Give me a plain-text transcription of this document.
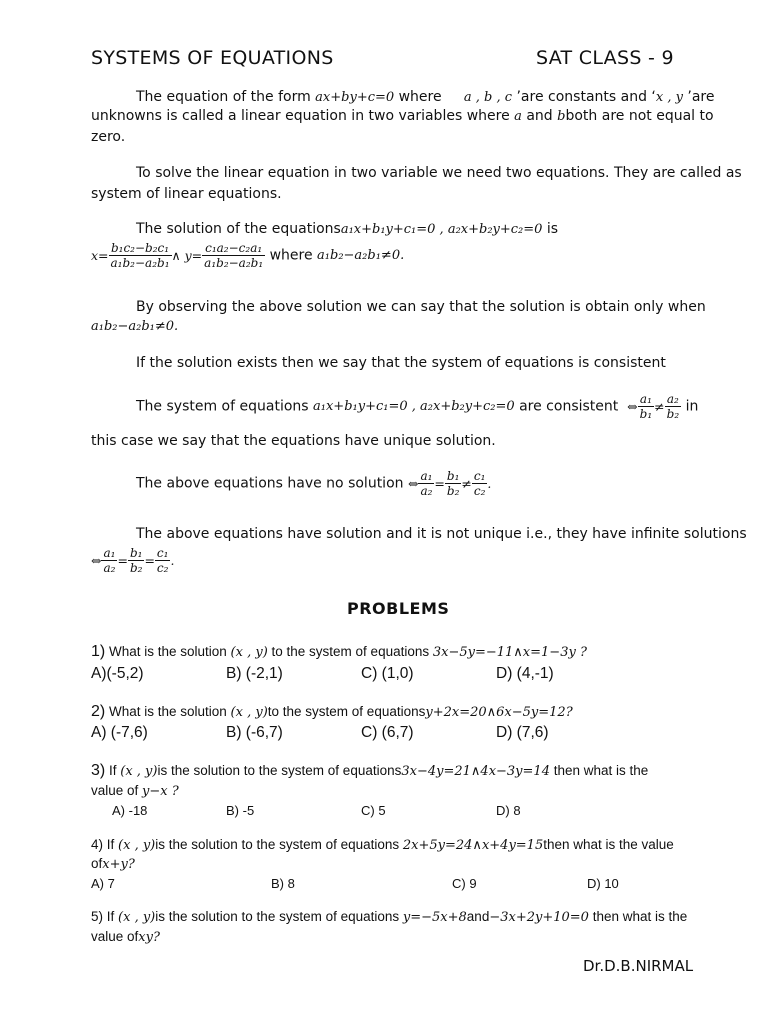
SYSTEMS OF EQUATIONS	SAT CLASS - 9
The equation of the form ax+by+c=0 where     a , b , c ’are constants and ‘x , y ’are
unknowns is called a linear equation in two variables where a and bboth are not equal to
zero.
To solve the linear equation in two variable we need two equations. They are called as
system of linear equations.
The solution of the equationsa₁x+b₁y+c₁=0 , a₂x+b₂y+c₂=0 is
$x= \frac{\text{b₁c₂−b₂c₁}}{\text{a₁b₂−a₂b₁}}$ ∧ $y= \frac{\text{c₁a₂−c₂a₁}}{\text{a₁b₂−a₂b₁}}$ where a₁b₂−a₂b₁≠0.
By observing the above solution we can say that the solution is obtain only when
a₁b₂−a₂b₁≠0.
If the solution exists then we say that the system of equations is consistent
The system of equations a₁x+b₁y+c₁=0 , a₂x+b₂y+c₂=0 are consistent  ⇔ $\frac{\text{a₁}}{\text{b₁}} \ne \frac{\text{a₂}}{\text{b₂}}$ in
this case we say that the equations have unique solution.
The above equations have no solution ⇔ $\frac{\text{a₁}}{\text{a₂}} = \frac{\text{b₁}}{\text{b₂}} \ne \frac{\text{c₁}}{\text{c₂}}$ .
The above equations have solution and it is not unique i.e., they have infinite solutions
⇔ $\frac{\text{a₁}}{\text{a₂}} = \frac{\text{b₁}}{\text{b₂}} = \frac{\text{c₁}}{\text{c₂}}$ .
PROBLEMS
1) What is the solution (x , y) to the system of equations 3x−5y=−11∧x=1−3y ?
A)(-5,2)	B) (-2,1)	C) (1,0)	D) (4,-1)
2) What is the solution (x , y)to the system of equationsy+2x=20∧6x−5y=12?
A) (-7,6)	B) (-6,7)	C) (6,7)	D) (7,6)
3) If (x , y)is the solution to the system of equations3x−4y=21∧4x−3y=14 then what is the
value of y−x ?
A) -18	B) -5	C) 5	D) 8
4) If (x , y)is the solution to the system of equations 2x+5y=24∧x+4y=15then what is the value
ofx+y?
A) 7	B) 8	C) 9	D) 10
5) If (x , y)is the solution to the system of equations y=−5x+8and−3x+2y+10=0 then what is the
value ofxy?
Dr.D.B.NIRMAL
